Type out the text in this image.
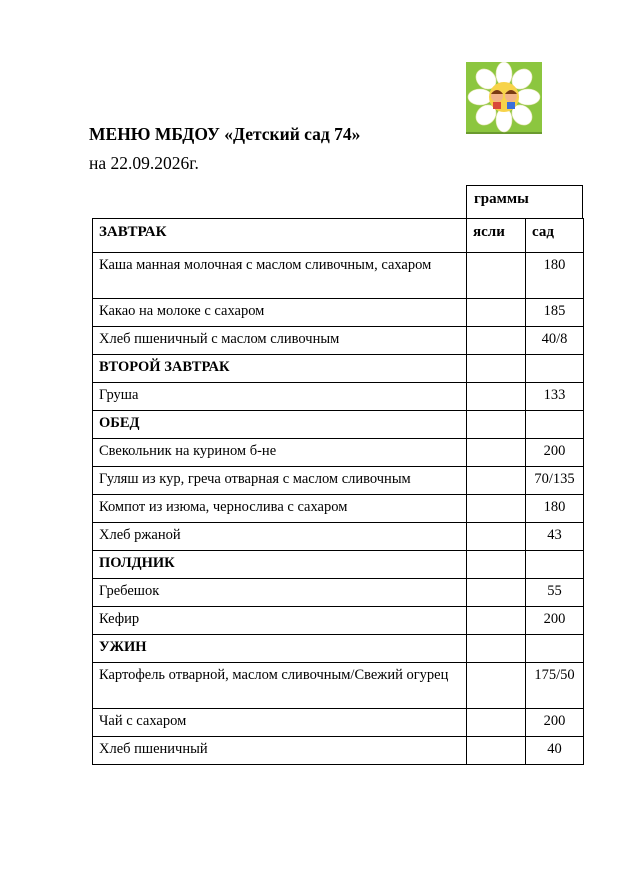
МЕНЮ МБДОУ «Детский сад 74»
на 22.09.2026г.
граммы
ЗАВТРАК	ясли	сад
Каша манная молочная с маслом сливочным, сахаром		180
Какао на молоке с сахаром		185
Хлеб пшеничный с маслом сливочным		40/8
ВТОРОЙ ЗАВТРАК		
Груша		133
ОБЕД		
Свекольник на курином б-не		200
Гуляш из кур, греча отварная с маслом сливочным		70/135
Компот из изюма, чернослива с сахаром		180
Хлеб ржаной		43
ПОЛДНИК		
Гребешок		55
Кефир		200
УЖИН		
Картофель отварной, маслом сливочным/Свежий огурец		175/50
Чай с сахаром		200
Хлеб пшеничный		40
